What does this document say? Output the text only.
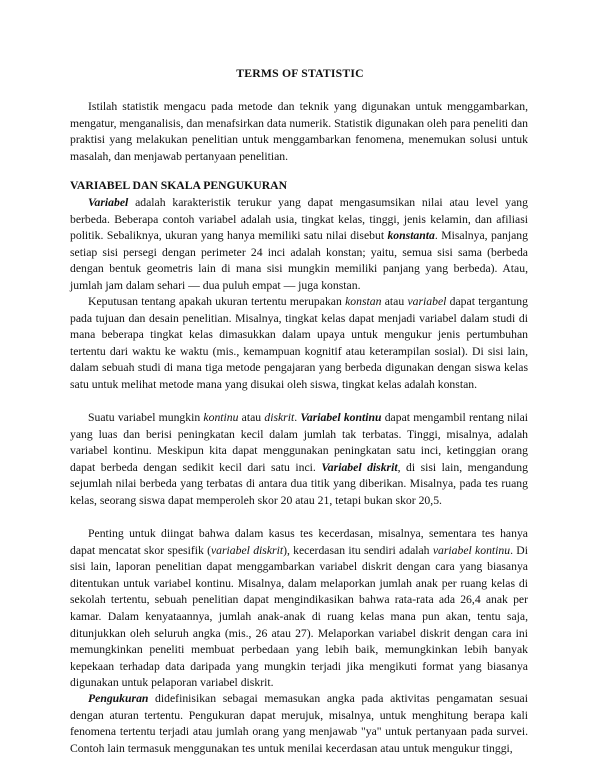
TERMS OF STATISTIC

Istilah statistik mengacu pada metode dan teknik yang digunakan untuk menggambarkan, mengatur, menganalisis, dan menafsirkan data numerik. Statistik digunakan oleh para peneliti dan praktisi yang melakukan penelitian untuk menggambarkan fenomena, menemukan solusi untuk masalah, dan menjawab pertanyaan penelitian.

VARIABEL DAN SKALA PENGUKURAN

Variabel adalah karakteristik terukur yang dapat mengasumsikan nilai atau level yang berbeda. Beberapa contoh variabel adalah usia, tingkat kelas, tinggi, jenis kelamin, dan afiliasi politik. Sebaliknya, ukuran yang hanya memiliki satu nilai disebut konstanta. Misalnya, panjang setiap sisi persegi dengan perimeter 24 inci adalah konstan; yaitu, semua sisi sama (berbeda dengan bentuk geometris lain di mana sisi mungkin memiliki panjang yang berbeda). Atau, jumlah jam dalam sehari — dua puluh empat — juga konstan.

Keputusan tentang apakah ukuran tertentu merupakan konstan atau variabel dapat tergantung pada tujuan dan desain penelitian. Misalnya, tingkat kelas dapat menjadi variabel dalam studi di mana beberapa tingkat kelas dimasukkan dalam upaya untuk mengukur jenis pertumbuhan tertentu dari waktu ke waktu (mis., kemampuan kognitif atau keterampilan sosial). Di sisi lain, dalam sebuah studi di mana tiga metode pengajaran yang berbeda digunakan dengan siswa kelas satu untuk melihat metode mana yang disukai oleh siswa, tingkat kelas adalah konstan.

Suatu variabel mungkin kontinu atau diskrit. Variabel kontinu dapat mengambil rentang nilai yang luas dan berisi peningkatan kecil dalam jumlah tak terbatas. Tinggi, misalnya, adalah variabel kontinu. Meskipun kita dapat menggunakan peningkatan satu inci, ketinggian orang dapat berbeda dengan sedikit kecil dari satu inci. Variabel diskrit, di sisi lain, mengandung sejumlah nilai berbeda yang terbatas di antara dua titik yang diberikan. Misalnya, pada tes ruang kelas, seorang siswa dapat memperoleh skor 20 atau 21, tetapi bukan skor 20,5.

Penting untuk diingat bahwa dalam kasus tes kecerdasan, misalnya, sementara tes hanya dapat mencatat skor spesifik (variabel diskrit), kecerdasan itu sendiri adalah variabel kontinu. Di sisi lain, laporan penelitian dapat menggambarkan variabel diskrit dengan cara yang biasanya ditentukan untuk variabel kontinu. Misalnya, dalam melaporkan jumlah anak per ruang kelas di sekolah tertentu, sebuah penelitian dapat mengindikasikan bahwa rata-rata ada 26,4 anak per kamar. Dalam kenyataannya, jumlah anak-anak di ruang kelas mana pun akan, tentu saja, ditunjukkan oleh seluruh angka (mis., 26 atau 27). Melaporkan variabel diskrit dengan cara ini memungkinkan peneliti membuat perbedaan yang lebih baik, memungkinkan lebih banyak kepekaan terhadap data daripada yang mungkin terjadi jika mengikuti format yang biasanya digunakan untuk pelaporan variabel diskrit.

Pengukuran didefinisikan sebagai memasukan angka pada aktivitas pengamatan sesuai dengan aturan tertentu. Pengukuran dapat merujuk, misalnya, untuk menghitung berapa kali fenomena tertentu terjadi atau jumlah orang yang menjawab "ya" untuk pertanyaan pada survei. Contoh lain termasuk menggunakan tes untuk menilai kecerdasan atau untuk mengukur tinggi,
